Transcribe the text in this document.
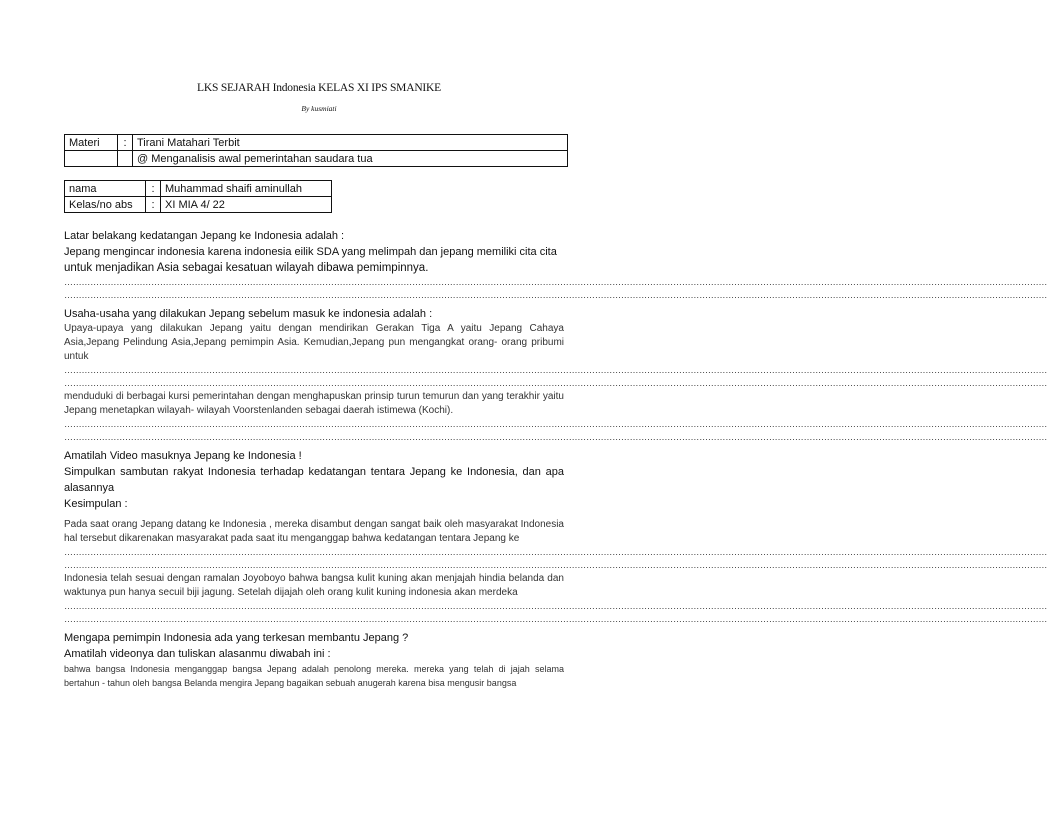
LKS SEJARAH Indonesia KELAS XI IPS SMANIKE
By kusmiati
Materi	:	Tirani Matahari Terbit
		@ Menganalisis awal pemerintahan saudara tua
nama	:	Muhammad shaifi aminullah
Kelas/no abs	:	XI MIA 4/ 22

Latar belakang kedatangan Jepang ke Indonesia adalah :

Jepang mengincar indonesia karena indonesia eilik SDA yang melimpah dan jepang memiliki cita cita

untuk menjadikan Asia sebagai kesatuan wilayah dibawa pemimpinnya.

……………………………………………………………………………………………………………………………………………………………………………………………………………………………………………………………………………………………………………

……………………………………………………………………………………………………………………………………………………………………………………………………………………………………………………………………………………………………………

Usaha-usaha yang dilakukan Jepang sebelum masuk ke indonesia adalah :

Upaya-upaya yang dilakukan Jepang yaitu dengan mendirikan Gerakan Tiga A yaitu Jepang Cahaya Asia,Jepang Pelindung Asia,Jepang pemimpin Asia. Kemudian,Jepang pun mengangkat orang- orang pribumi untuk

……………………………………………………………………………………………………………………………………………………………………………………………………………………………………………………………………………………………………………

……………………………………………………………………………………………………………………………………………………………………………………………………………………………………………………………………………………………………………

menduduki di berbagai kursi pemerintahan dengan menghapuskan prinsip turun temurun dan yang terakhir yaitu Jepang menetapkan wilayah- wilayah Voorstenlanden sebagai daerah istimewa (Kochi).

……………………………………………………………………………………………………………………………………………………………………………………………………………………………………………………………………………………………………………

……………………………………………………………………………………………………………………………………………………………………………………………………………………………………………………………………………………………………………

Amatilah Video masuknya Jepang ke Indonesia !

Simpulkan sambutan rakyat Indonesia terhadap kedatangan tentara Jepang ke Indonesia, dan apa alasannya

Kesimpulan :

Pada saat orang Jepang datang ke Indonesia , mereka disambut dengan sangat baik oleh masyarakat Indonesia hal tersebut dikarenakan masyarakat pada saat itu menganggap bahwa kedatangan tentara Jepang ke

……………………………………………………………………………………………………………………………………………………………………………………………………………………………………………………………………………………………………………

……………………………………………………………………………………………………………………………………………………………………………………………………………………………………………………………………………………………………………

Indonesia telah sesuai dengan ramalan Joyoboyo bahwa bangsa kulit kuning akan menjajah hindia belanda dan waktunya pun hanya secuil biji jagung. Setelah dijajah oleh orang kulit kuning indonesia akan merdeka

……………………………………………………………………………………………………………………………………………………………………………………………………………………………………………………………………………………………………………

……………………………………………………………………………………………………………………………………………………………………………………………………………………………………………………………………………………………………………

Mengapa pemimpin Indonesia ada yang terkesan membantu Jepang ?

Amatilah videonya dan tuliskan alasanmu diwabah ini :

bahwa bangsa Indonesia menganggap bangsa Jepang adalah penolong mereka. mereka yang telah di jajah selama bertahun - tahun oleh bangsa Belanda mengira Jepang bagaikan sebuah anugerah karena bisa mengusir bangsa
